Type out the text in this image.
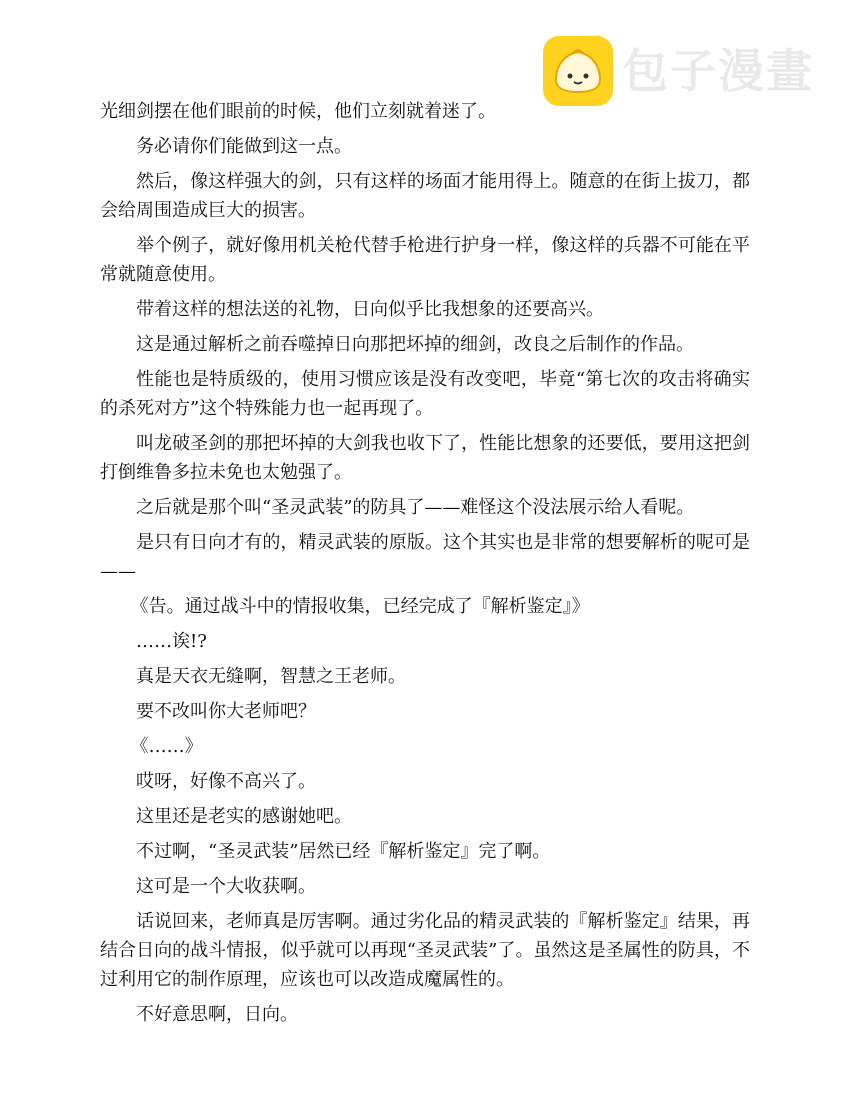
包子漫畫

光细剑摆在他们眼前的时候，他们立刻就着迷了。

务必请你们能做到这一点。

然后，像这样强大的剑，只有这样的场面才能用得上。随意的在街上拔刀，都会给周围造成巨大的损害。

举个例子，就好像用机关枪代替手枪进行护身一样，像这样的兵器不可能在平常就随意使用。

带着这样的想法送的礼物，日向似乎比我想象的还要高兴。

这是通过解析之前吞噬掉日向那把坏掉的细剑，改良之后制作的作品。

性能也是特质级的，使用习惯应该是没有改变吧，毕竟“第七次的攻击将确实的杀死对方”这个特殊能力也一起再现了。

叫龙破圣剑的那把坏掉的大剑我也收下了，性能比想象的还要低，要用这把剑打倒维鲁多拉未免也太勉强了。

之后就是那个叫“圣灵武装”的防具了——难怪这个没法展示给人看呢。

是只有日向才有的，精灵武装的原版。这个其实也是非常的想要解析的呢可是——

《告。通过战斗中的情报收集，已经完成了『解析鉴定』》

……诶!?

真是天衣无缝啊，智慧之王老师。

要不改叫你大老师吧？

《……》

哎呀，好像不高兴了。

这里还是老实的感谢她吧。

不过啊，“圣灵武装”居然已经『解析鉴定』完了啊。

这可是一个大收获啊。

话说回来，老师真是厉害啊。通过劣化品的精灵武装的『解析鉴定』结果，再结合日向的战斗情报，似乎就可以再现“圣灵武装”了。虽然这是圣属性的防具，不过利用它的制作原理，应该也可以改造成魔属性的。

不好意思啊，日向。
